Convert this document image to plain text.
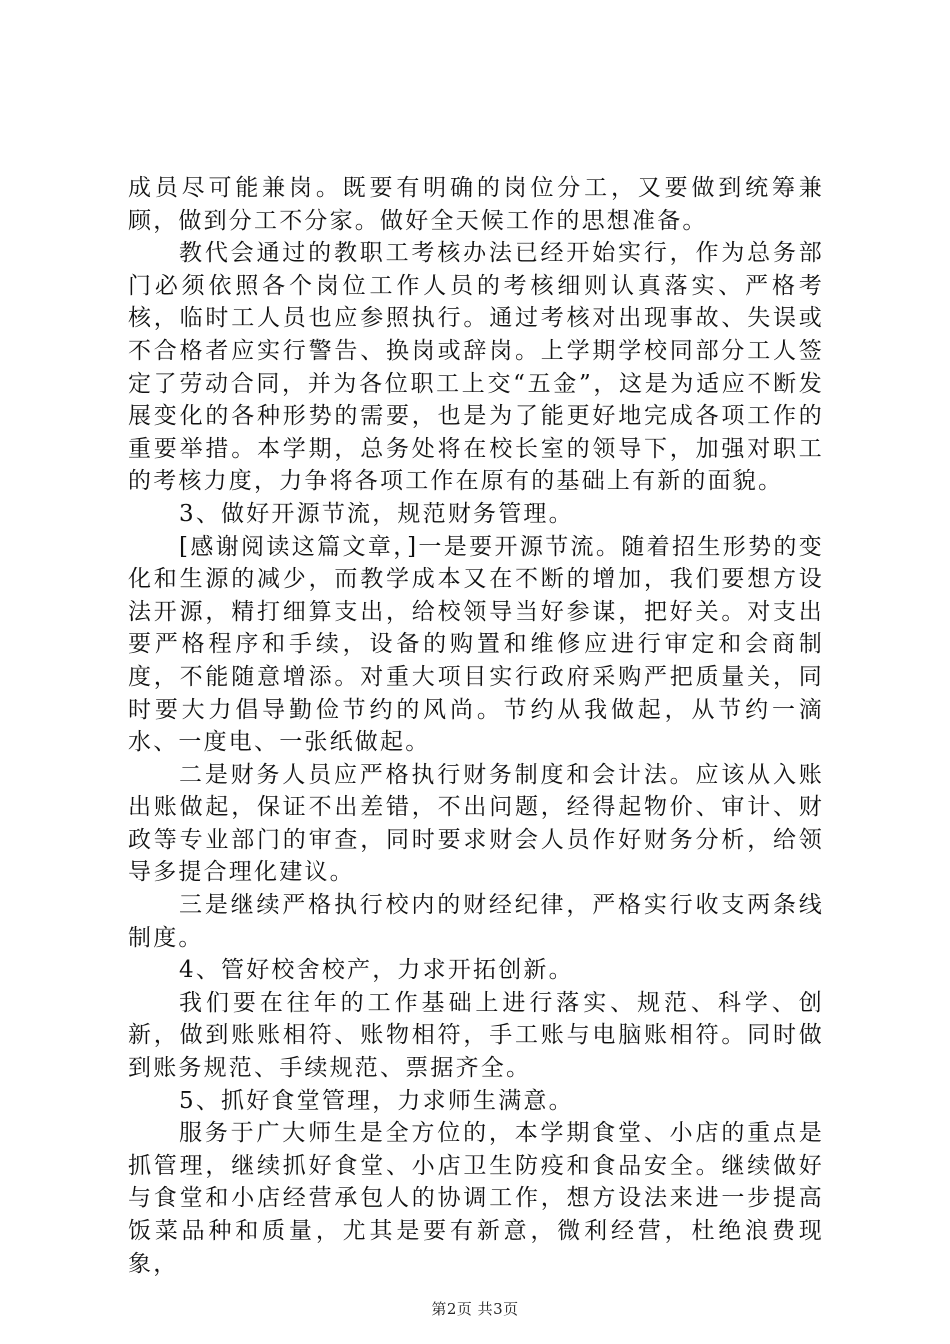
成员尽可能兼岗。既要有明确的岗位分工，又要做到统筹兼顾，做到分工不分家。做好全天候工作的思想准备。

教代会通过的教职工考核办法已经开始实行，作为总务部门必须依照各个岗位工作人员的考核细则认真落实、严格考核，临时工人员也应参照执行。通过考核对出现事故、失误或不合格者应实行警告、换岗或辞岗。上学期学校同部分工人签定了劳动合同，并为各位职工上交“五金”，这是为适应不断发展变化的各种形势的需要，也是为了能更好地完成各项工作的重要举措。本学期，总务处将在校长室的领导下，加强对职工的考核力度，力争将各项工作在原有的基础上有新的面貌。

3、做好开源节流，规范财务管理。

[感谢阅读这篇文章，]一是要开源节流。随着招生形势的变化和生源的减少，而教学成本又在不断的增加，我们要想方设法开源，精打细算支出，给校领导当好参谋，把好关。对支出要严格程序和手续，设备的购置和维修应进行审定和会商制度，不能随意增添。对重大项目实行政府采购严把质量关，同时要大力倡导勤俭节约的风尚。节约从我做起，从节约一滴水、一度电、一张纸做起。

二是财务人员应严格执行财务制度和会计法。应该从入账出账做起，保证不出差错，不出问题，经得起物价、审计、财政等专业部门的审查，同时要求财会人员作好财务分析，给领导多提合理化建议。

三是继续严格执行校内的财经纪律，严格实行收支两条线制度。

4、管好校舍校产，力求开拓创新。

我们要在往年的工作基础上进行落实、规范、科学、创新，做到账账相符、账物相符，手工账与电脑账相符。同时做到账务规范、手续规范、票据齐全。

5、抓好食堂管理，力求师生满意。

服务于广大师生是全方位的，本学期食堂、小店的重点是抓管理，继续抓好食堂、小店卫生防疫和食品安全。继续做好与食堂和小店经营承包人的协调工作，想方设法来进一步提高饭菜品种和质量，尤其是要有新意，微利经营，杜绝浪费现象，

第2页 共3页
